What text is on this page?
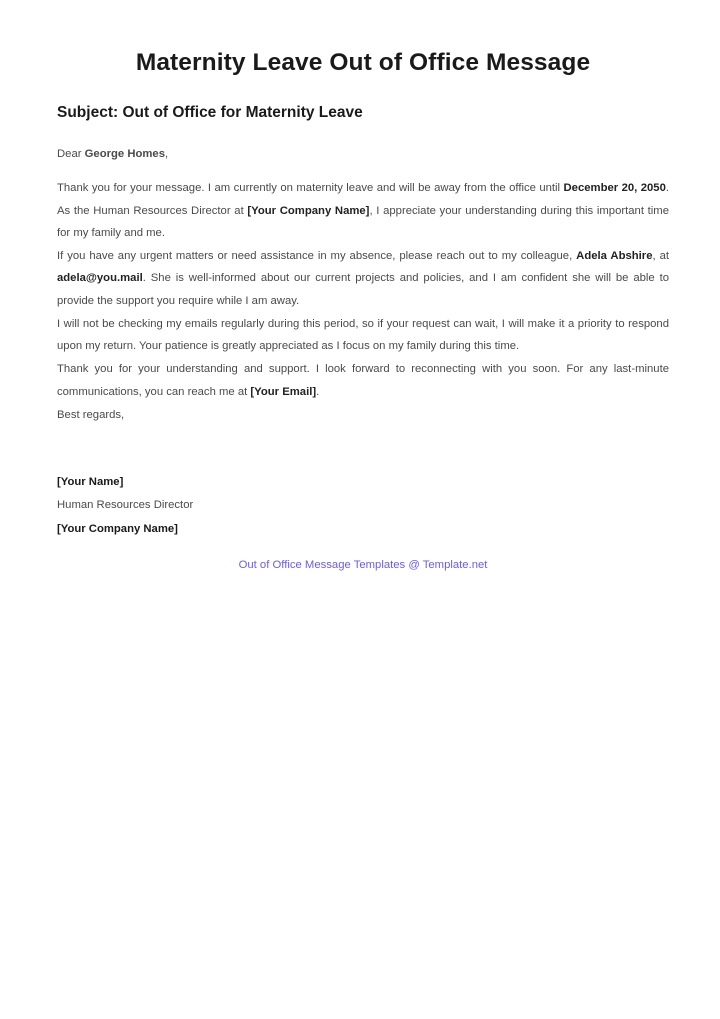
Maternity Leave Out of Office Message
Subject: Out of Office for Maternity Leave

Dear George Homes,

Thank you for your message. I am currently on maternity leave and will be away from the office until December 20, 2050. As the Human Resources Director at [Your Company Name], I appreciate your understanding during this important time for my family and me.

If you have any urgent matters or need assistance in my absence, please reach out to my colleague, Adela Abshire, at adela@you.mail. She is well-informed about our current projects and policies, and I am confident she will be able to provide the support you require while I am away.

I will not be checking my emails regularly during this period, so if your request can wait, I will make it a priority to respond upon my return. Your patience is greatly appreciated as I focus on my family during this time.

Thank you for your understanding and support. I look forward to reconnecting with you soon. For any last-minute communications, you can reach me at [Your Email].

Best regards,

[Your Name]

Human Resources Director

[Your Company Name]

Out of Office Message Templates @ Template.net
